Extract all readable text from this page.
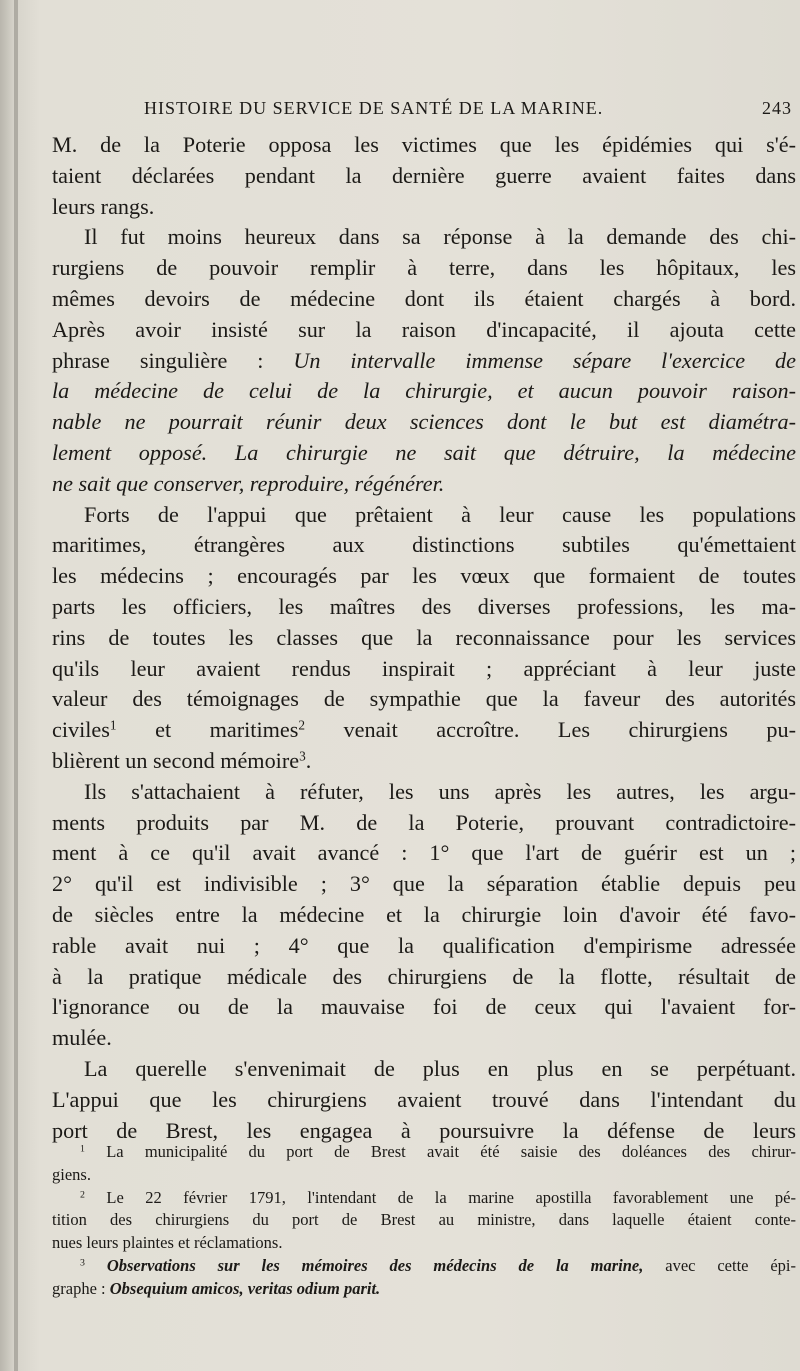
HISTOIRE DU SERVICE DE SANTÉ DE LA MARINE.	243
M. de la Poterie opposa les victimes que les épidémies qui s'é-
taient déclarées pendant la dernière guerre avaient faites dans
leurs rangs.
Il fut moins heureux dans sa réponse à la demande des chi-
rurgiens de pouvoir remplir à terre, dans les hôpitaux, les
mêmes devoirs de médecine dont ils étaient chargés à bord.
Après avoir insisté sur la raison d'incapacité, il ajouta cette
phrase singulière : Un intervalle immense sépare l'exercice de
la médecine de celui de la chirurgie, et aucun pouvoir raison-
nable ne pourrait réunir deux sciences dont le but est diamétra-
lement opposé. La chirurgie ne sait que détruire, la médecine
ne sait que conserver, reproduire, régénérer.
Forts de l'appui que prêtaient à leur cause les populations
maritimes, étrangères aux distinctions subtiles qu'émettaient
les médecins ; encouragés par les vœux que formaient de toutes
parts les officiers, les maîtres des diverses professions, les ma-
rins de toutes les classes que la reconnaissance pour les services
qu'ils leur avaient rendus inspirait ; appréciant à leur juste
valeur des témoignages de sympathie que la faveur des autorités
civiles$^1$ et maritimes$^2$ venait accroître. Les chirurgiens pu-
blièrent un second mémoire$^3$.
Ils s'attachaient à réfuter, les uns après les autres, les argu-
ments produits par M. de la Poterie, prouvant contradictoire-
ment à ce qu'il avait avancé : 1° que l'art de guérir est un ;
2° qu'il est indivisible ; 3° que la séparation établie depuis peu
de siècles entre la médecine et la chirurgie loin d'avoir été favo-
rable avait nui ; 4° que la qualification d'empirisme adressée
à la pratique médicale des chirurgiens de la flotte, résultait de
l'ignorance ou de la mauvaise foi de ceux qui l'avaient for-
mulée.
La querelle s'envenimait de plus en plus en se perpétuant.
L'appui que les chirurgiens avaient trouvé dans l'intendant du
port de Brest, les engagea à poursuivre la défense de leurs
$^1$ La municipalité du port de Brest avait été saisie des doléances des chirur-
giens.
$^2$ Le 22 février 1791, l'intendant de la marine apostilla favorablement une pé-
tition des chirurgiens du port de Brest au ministre, dans laquelle étaient conte-
nues leurs plaintes et réclamations.
$^3$ Observations sur les mémoires des médecins de la marine, avec cette épi-
graphe : Obsequium amicos, veritas odium parit.
